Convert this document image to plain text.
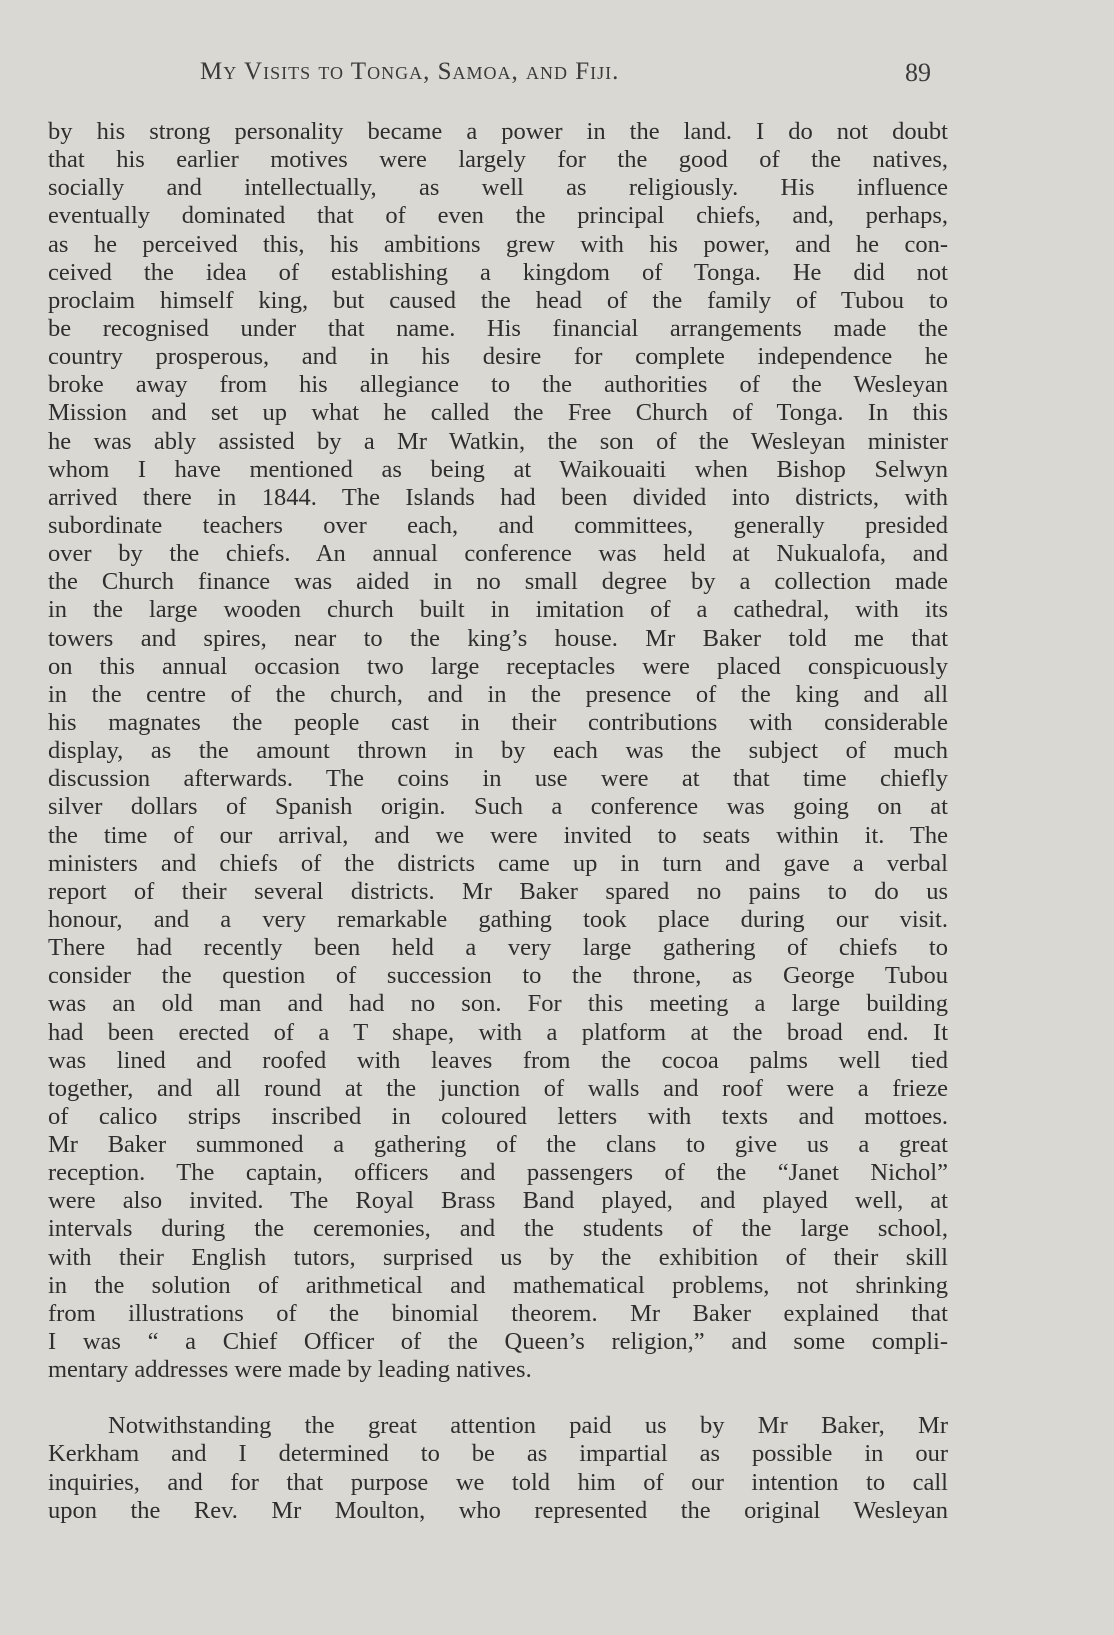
My Visits to Tonga, Samoa, and Fiji.	89
by his strong personality became a power in the land. I do not doubt
that his earlier motives were largely for the good of the natives,
socially and intellectually, as well as religiously. His influence
eventually dominated that of even the principal chiefs, and, perhaps,
as he perceived this, his ambitions grew with his power, and he con-
ceived the idea of establishing a kingdom of Tonga. He did not
proclaim himself king, but caused the head of the family of Tubou to
be recognised under that name. His financial arrangements made the
country prosperous, and in his desire for complete independence he
broke away from his allegiance to the authorities of the Wesleyan
Mission and set up what he called the Free Church of Tonga. In this
he was ably assisted by a Mr Watkin, the son of the Wesleyan minister
whom I have mentioned as being at Waikouaiti when Bishop Selwyn
arrived there in 1844. The Islands had been divided into districts, with
subordinate teachers over each, and committees, generally presided
over by the chiefs. An annual conference was held at Nukualofa, and
the Church finance was aided in no small degree by a collection made
in the large wooden church built in imitation of a cathedral, with its
towers and spires, near to the king’s house. Mr Baker told me that
on this annual occasion two large receptacles were placed conspicuously
in the centre of the church, and in the presence of the king and all
his magnates the people cast in their contributions with considerable
display, as the amount thrown in by each was the subject of much
discussion afterwards. The coins in use were at that time chiefly
silver dollars of Spanish origin. Such a conference was going on at
the time of our arrival, and we were invited to seats within it. The
ministers and chiefs of the districts came up in turn and gave a verbal
report of their several districts. Mr Baker spared no pains to do us
honour, and a very remarkable gathing took place during our visit.
There had recently been held a very large gathering of chiefs to
consider the question of succession to the throne, as George Tubou
was an old man and had no son. For this meeting a large building
had been erected of a T shape, with a platform at the broad end. It
was lined and roofed with leaves from the cocoa palms well tied
together, and all round at the junction of walls and roof were a frieze
of calico strips inscribed in coloured letters with texts and mottoes.
Mr Baker summoned a gathering of the clans to give us a great
reception. The captain, officers and passengers of the “Janet Nichol”
were also invited. The Royal Brass Band played, and played well, at
intervals during the ceremonies, and the students of the large school,
with their English tutors, surprised us by the exhibition of their skill
in the solution of arithmetical and mathematical problems, not shrinking
from illustrations of the binomial theorem. Mr Baker explained that
I was “ a Chief Officer of the Queen’s religion,” and some compli-
mentary addresses were made by leading natives.
Notwithstanding the great attention paid us by Mr Baker, Mr
Kerkham and I determined to be as impartial as possible in our
inquiries, and for that purpose we told him of our intention to call
upon the Rev. Mr Moulton, who represented the original Wesleyan
